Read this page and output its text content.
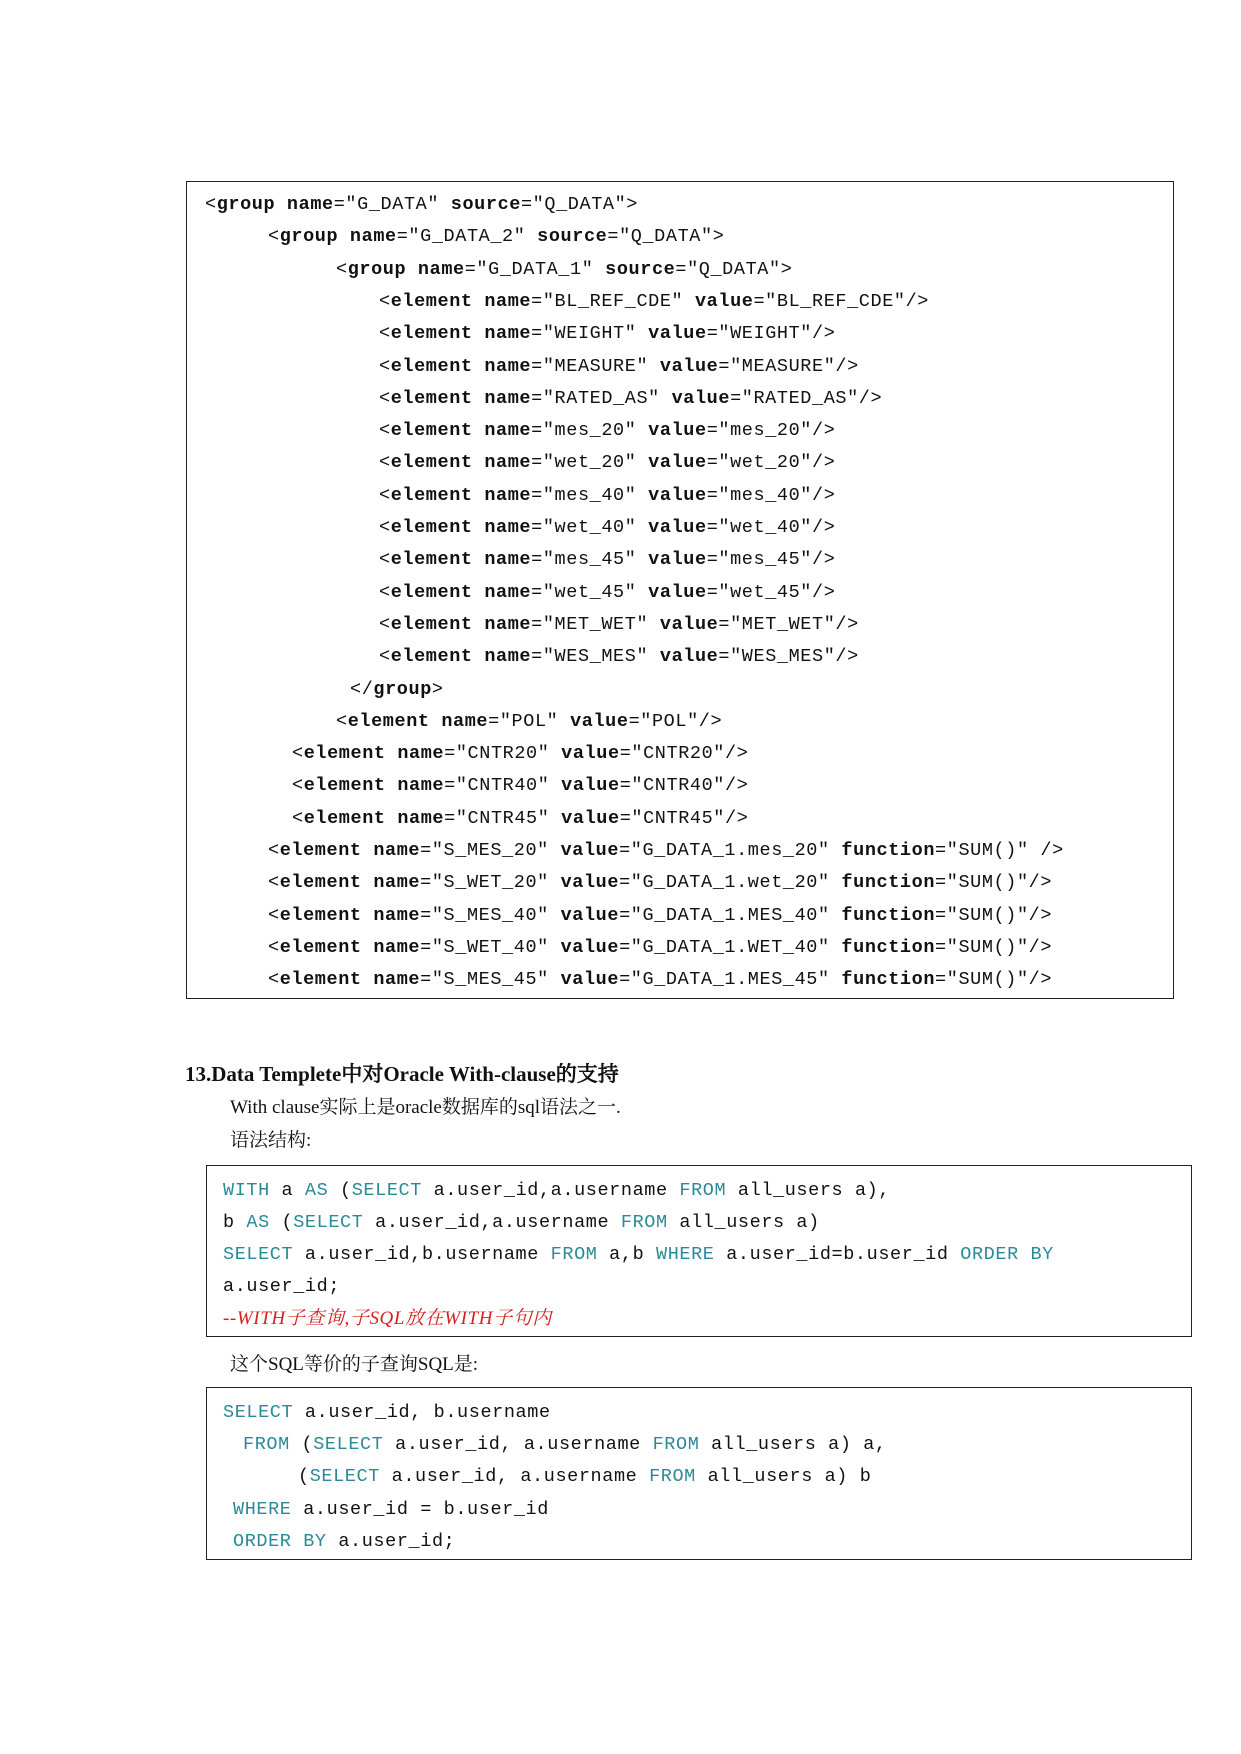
<group name="G_DATA" source="Q_DATA">
<group name="G_DATA_2" source="Q_DATA">
<group name="G_DATA_1" source="Q_DATA">
<element name="BL_REF_CDE" value="BL_REF_CDE"/>
<element name="WEIGHT" value="WEIGHT"/>
<element name="MEASURE" value="MEASURE"/>
<element name="RATED_AS" value="RATED_AS"/>
<element name="mes_20" value="mes_20"/>
<element name="wet_20" value="wet_20"/>
<element name="mes_40" value="mes_40"/>
<element name="wet_40" value="wet_40"/>
<element name="mes_45" value="mes_45"/>
<element name="wet_45" value="wet_45"/>
<element name="MET_WET" value="MET_WET"/>
<element name="WES_MES" value="WES_MES"/>
</group>
<element name="POL" value="POL"/>
<element name="CNTR20" value="CNTR20"/>
<element name="CNTR40" value="CNTR40"/>
<element name="CNTR45" value="CNTR45"/>
<element name="S_MES_20" value="G_DATA_1.mes_20" function="SUM()" />
<element name="S_WET_20" value="G_DATA_1.wet_20" function="SUM()"/>
<element name="S_MES_40" value="G_DATA_1.MES_40" function="SUM()"/>
<element name="S_WET_40" value="G_DATA_1.WET_40" function="SUM()"/>
<element name="S_MES_45" value="G_DATA_1.MES_45" function="SUM()"/>
13.Data Templete中对Oracle With-clause的支持
With clause实际上是oracle数据库的sql语法之一.
语法结构:
WITH a AS (SELECT a.user_id,a.username FROM all_users a),
b AS (SELECT a.user_id,a.username FROM all_users a)
SELECT a.user_id,b.username FROM a,b WHERE a.user_id=b.user_id ORDER BY
a.user_id;
--WITH子查询,子SQL放在WITH子句内
这个SQL等价的子查询SQL是:
SELECT a.user_id, b.username
FROM (SELECT a.user_id, a.username FROM all_users a) a,
(SELECT a.user_id, a.username FROM all_users a) b
WHERE a.user_id = b.user_id
ORDER BY a.user_id;
